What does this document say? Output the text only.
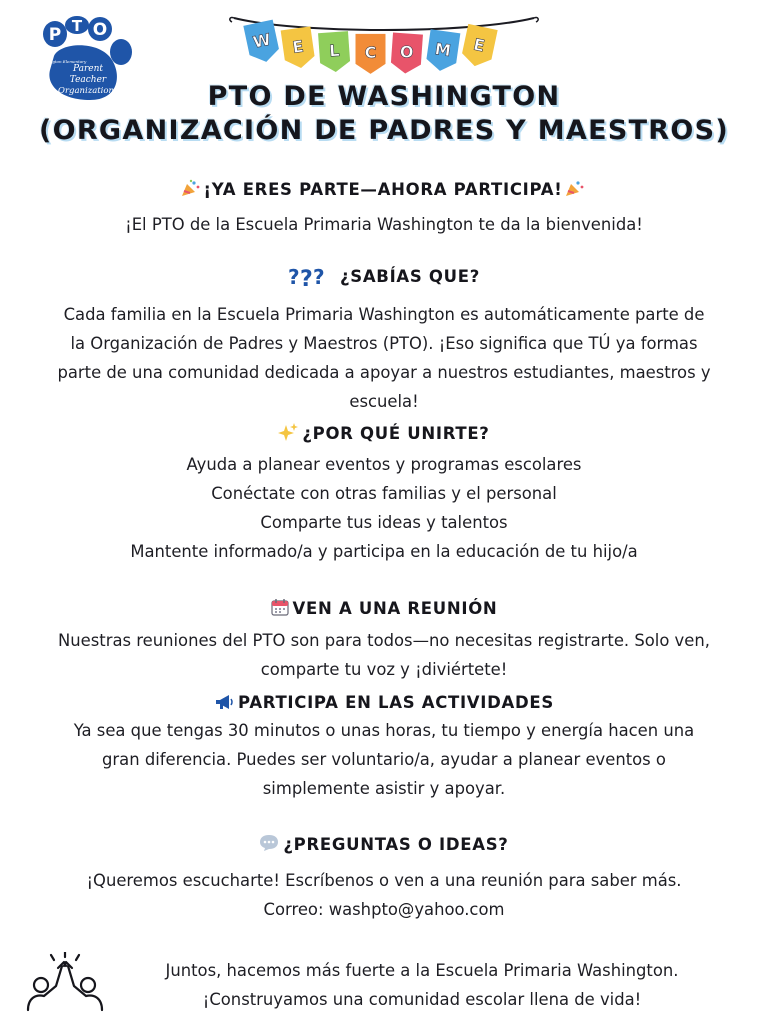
P T O
Washington Elementary
Parent
Teacher
Organization
W E L C O M E
PTO DE WASHINGTON
(ORGANIZACIÓN DE PADRES Y MAESTROS)
¡YA ERES PARTE—AHORA PARTICIPA!
¡El PTO de la Escuela Primaria Washington te da la bienvenida!
? ? ? ¿SABÍAS QUE?
Cada familia en la Escuela Primaria Washington es automáticamente parte de
la Organización de Padres y Maestros (PTO). ¡Eso significa que TÚ ya formas
parte de una comunidad dedicada a apoyar a nuestros estudiantes, maestros y
escuela!
¿POR QUÉ UNIRTE?
Ayuda a planear eventos y programas escolares
Conéctate con otras familias y el personal
Comparte tus ideas y talentos
Mantente informado/a y participa en la educación de tu hijo/a
VEN A UNA REUNIÓN
Nuestras reuniones del PTO son para todos—no necesitas registrarte. Solo ven,
comparte tu voz y ¡diviértete!
PARTICIPA EN LAS ACTIVIDADES
Ya sea que tengas 30 minutos o unas horas, tu tiempo y energía hacen una
gran diferencia. Puedes ser voluntario/a, ayudar a planear eventos o
simplemente asistir y apoyar.
¿PREGUNTAS O IDEAS?
¡Queremos escucharte! Escríbenos o ven a una reunión para saber más.
Correo: washpto@yahoo.com
Juntos, hacemos más fuerte a la Escuela Primaria Washington.
¡Construyamos una comunidad escolar llena de vida!
